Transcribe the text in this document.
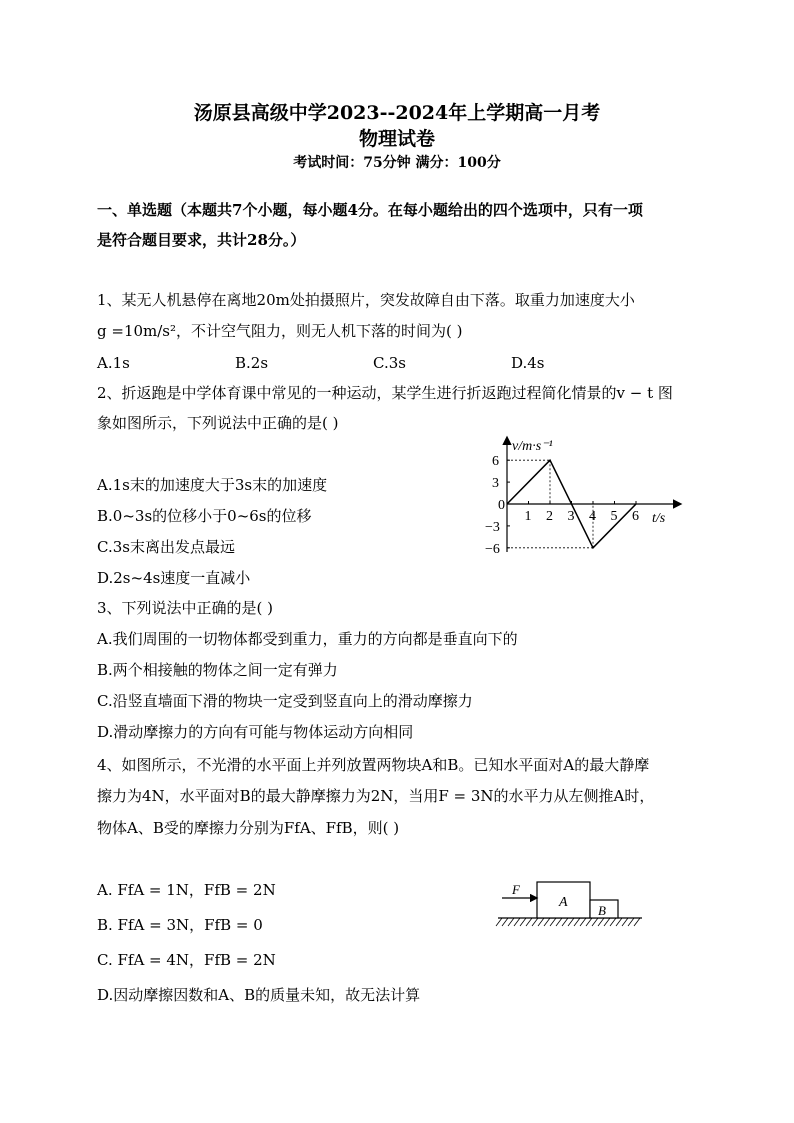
汤原县高级中学2023--2024年上学期高一月考
物理试卷
考试时间：75分钟 满分：100分
一、单选题（本题共7个小题，每小题4分。在每小题给出的四个选项中，只有一项
是符合题目要求，共计28分。）
1、某无人机悬停在离地20m处拍摄照片，突发故障自由下落。取重力加速度大小
g =10m/s²，不计空气阻力，则无人机下落的时间为( )
A.1s	B.2s	C.3s	D.4s
2、折返跑是中学体育课中常见的一种运动，某学生进行折返跑过程简化情景的v − t 图
象如图所示，下列说法中正确的是( )
A.1s末的加速度大于3s末的加速度
B.0~3s的位移小于0~6s的位移
C.3s末离出发点最远
D.2s~4s速度一直减小
1 2 3 4 5 6
6
3
−3
−6
0
v/m·s⁻¹
t/s
3、下列说法中正确的是( )
A.我们周围的一切物体都受到重力，重力的方向都是垂直向下的
B.两个相接触的物体之间一定有弹力
C.沿竖直墙面下滑的物块一定受到竖直向上的滑动摩擦力
D.滑动摩擦力的方向有可能与物体运动方向相同
4、如图所示，不光滑的水平面上并列放置两物块A和B。已知水平面对A的最大静摩
擦力为4N，水平面对B的最大静摩擦力为2N，当用F = 3N的水平力从左侧推A时，
物体A、B受的摩擦力分别为FfA、FfB，则( )
A. FfA = 1N，FfB = 2N
B. FfA = 3N，FfB = 0
C. FfA = 4N，FfB = 2N
D.因动摩擦因数和A、B的质量未知，故无法计算
F
A
B
